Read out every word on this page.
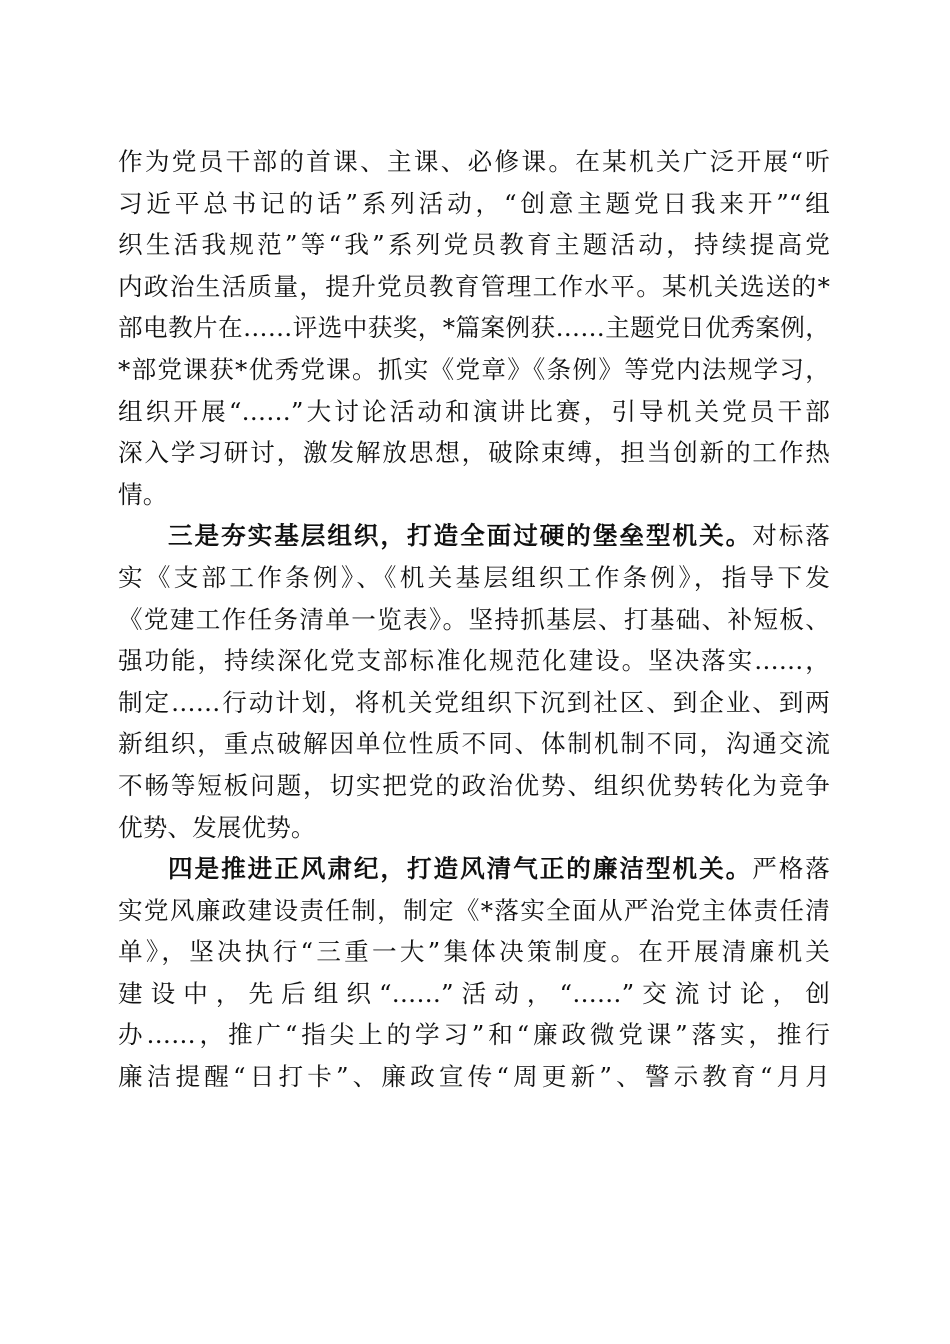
作为党员干部的首课、主课、必修课。在某机关广泛开展“听
习近平总书记的话”系列活动，“创意主题党日我来开”“组
织生活我规范”等“我”系列党员教育主题活动，持续提高党
内政治生活质量，提升党员教育管理工作水平。某机关选送的*
部电教片在……评选中获奖，*篇案例获……主题党日优秀案例，
*部党课获*优秀党课。抓实《党章》《条例》等党内法规学习，
组织开展“……”大讨论活动和演讲比赛，引导机关党员干部
深入学习研讨，激发解放思想，破除束缚，担当创新的工作热
情。
三是夯实基层组织，打造全面过硬的堡垒型机关。对标落
实《支部工作条例》、《机关基层组织工作条例》，指导下发
《党建工作任务清单一览表》。坚持抓基层、打基础、补短板、
强功能，持续深化党支部标准化规范化建设。坚决落实……，
制定……行动计划，将机关党组织下沉到社区、到企业、到两
新组织，重点破解因单位性质不同、体制机制不同，沟通交流
不畅等短板问题，切实把党的政治优势、组织优势转化为竞争
优势、发展优势。
四是推进正风肃纪，打造风清气正的廉洁型机关。严格落
实党风廉政建设责任制，制定《*落实全面从严治党主体责任清
单》，坚决执行“三重一大”集体决策制度。在开展清廉机关
建设中，先后组织“……”活动，“……”交流讨论，创
办……，推广“指尖上的学习”和“廉政微党课”落实，推行
廉洁提醒“日打卡”、廉政宣传“周更新”、警示教育“月月
